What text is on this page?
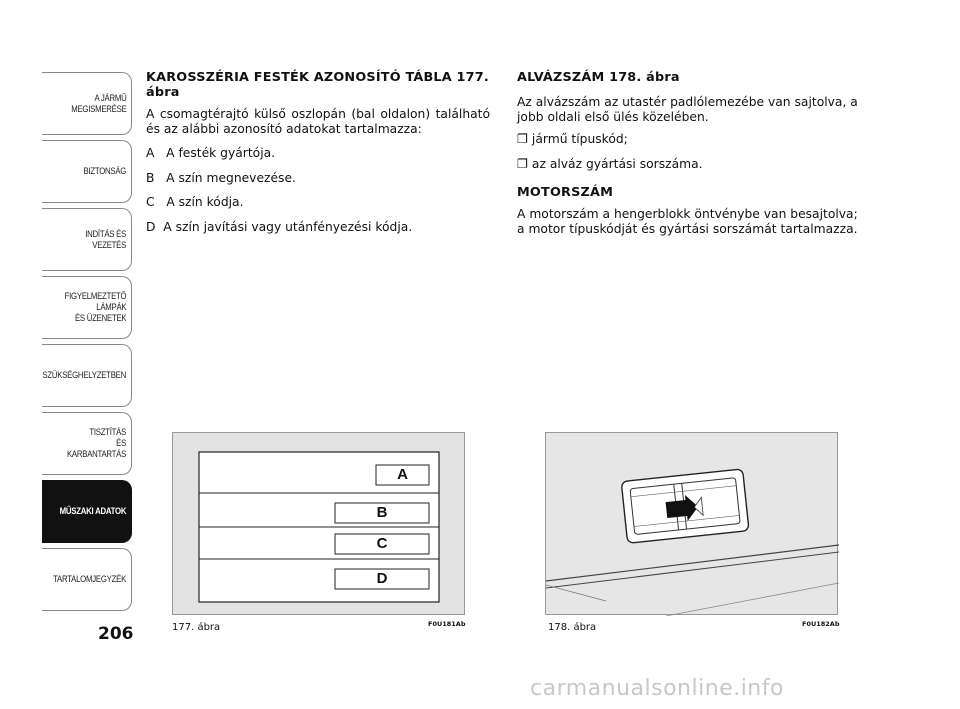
A JÁRMŰ
MEGISMERÉSE
BIZTONSÁG
INDÍTÁS ÉS VEZETÉS
FIGYELMEZTETŐ
LÁMPÁK
ÉS ÜZENETEK
SZÜKSÉGHELYZETBEN
TISZTÍTÁS
ÉS KARBANTARTÁS
MŰSZAKI ADATOK
TARTALOMJEGYZÉK
206
KAROSSZÉRIA FESTÉK AZONOSÍTÓ TÁBLA 177. ábra

A csomagtérajtó külső oszlopán (bal oldalon) található és az alábbi azonosító adatokat tartalmazza:

A   A festék gyártója.
B   A szín megnevezése.
C   A szín kódja.
D  A szín javítási vagy utánfényezési kódja.
ALVÁZSZÁM 178. ábra

Az alvázszám az utastér padlólemezébe van sajtolva, a jobb oldali első ülés közelében.

❐ jármű típuskód;
❐ az alváz gyártási sorszáma.
MOTORSZÁM

A motorszám a hengerblokk öntvénybe van besajtolva; a motor típuskódját és gyártási sorszámát tartalmazza.

A
B
C
D
177. ábra	F0U181Ab	178. ábra	F0U182Ab
carmanualsonline.info
